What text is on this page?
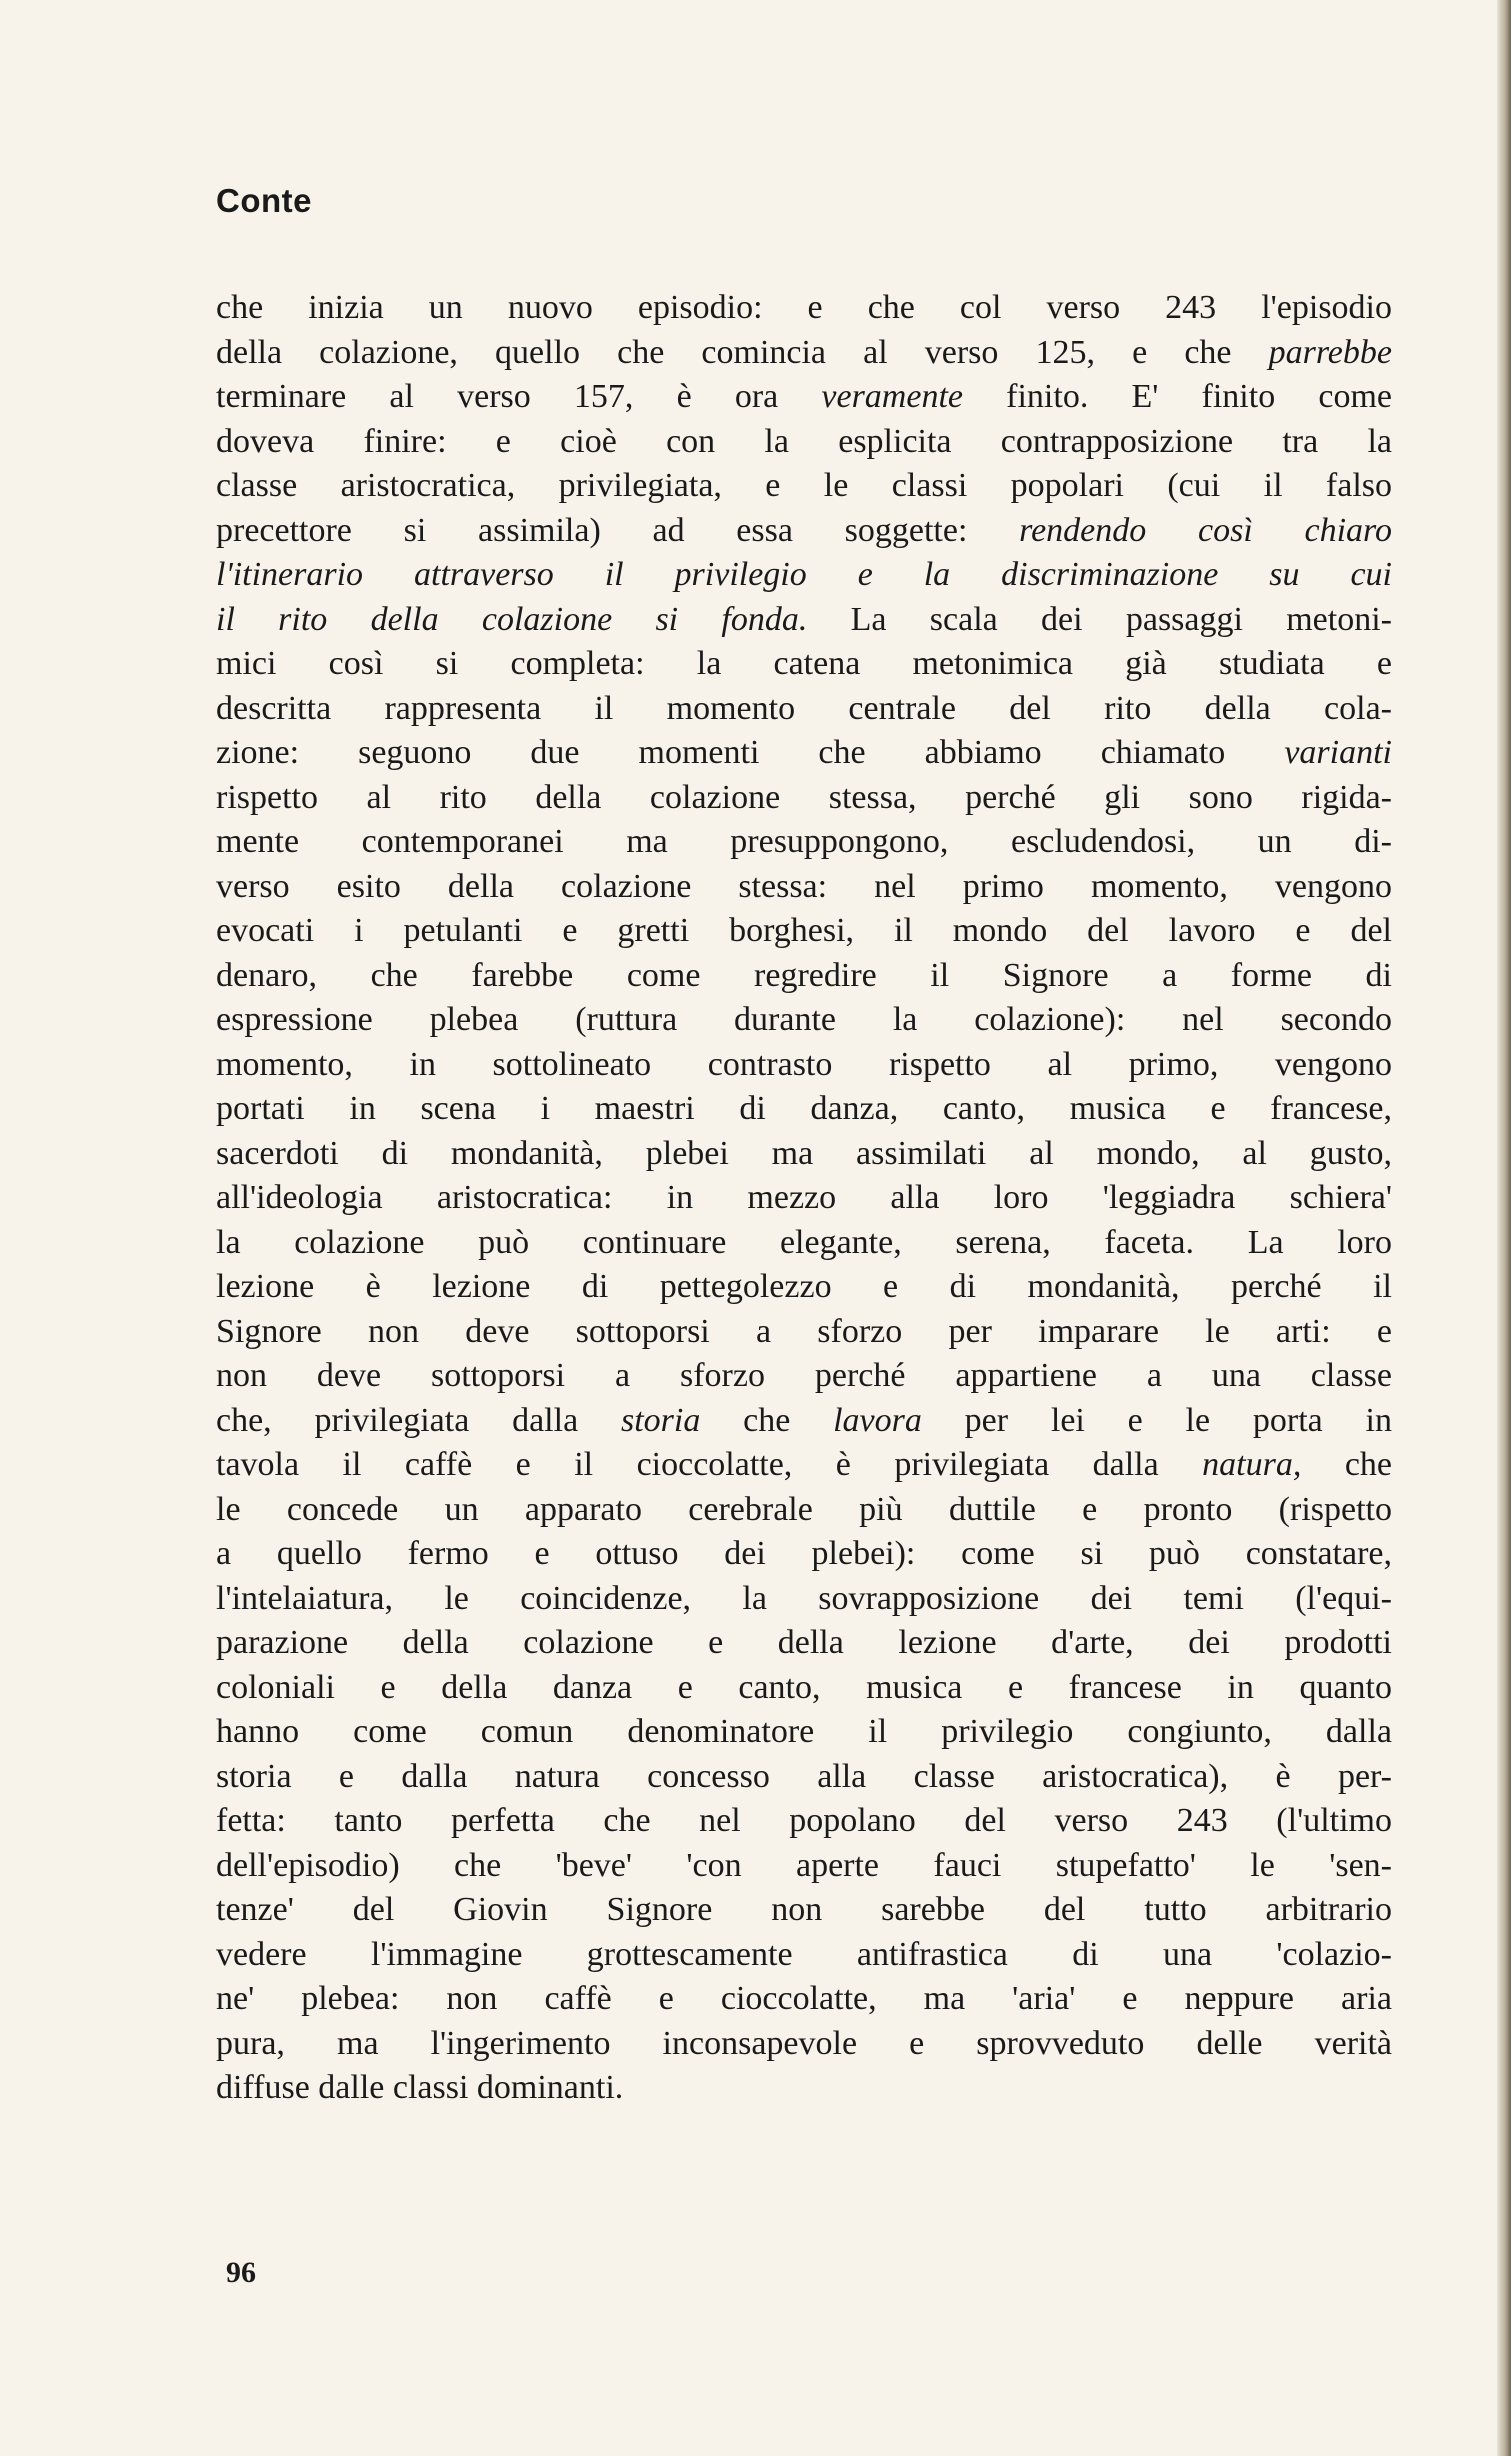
Conte
che inizia un nuovo episodio: e che col verso 243 l'episodio
della colazione, quello che comincia al verso 125, e che parrebbe
terminare al verso 157, è ora veramente finito. E' finito come
doveva finire: e cioè con la esplicita contrapposizione tra la
classe aristocratica, privilegiata, e le classi popolari (cui il falso
precettore si assimila) ad essa soggette: rendendo così chiaro
l'itinerario attraverso il privilegio e la discriminazione su cui
il rito della colazione si fonda. La scala dei passaggi metoni-
mici così si completa: la catena metonimica già studiata e
descritta rappresenta il momento centrale del rito della cola-
zione: seguono due momenti che abbiamo chiamato varianti
rispetto al rito della colazione stessa, perché gli sono rigida-
mente contemporanei ma presuppongono, escludendosi, un di-
verso esito della colazione stessa: nel primo momento, vengono
evocati i petulanti e gretti borghesi, il mondo del lavoro e del
denaro, che farebbe come regredire il Signore a forme di
espressione plebea (ruttura durante la colazione): nel secondo
momento, in sottolineato contrasto rispetto al primo, vengono
portati in scena i maestri di danza, canto, musica e francese,
sacerdoti di mondanità, plebei ma assimilati al mondo, al gusto,
all'ideologia aristocratica: in mezzo alla loro 'leggiadra schiera'
la colazione può continuare elegante, serena, faceta. La loro
lezione è lezione di pettegolezzo e di mondanità, perché il
Signore non deve sottoporsi a sforzo per imparare le arti: e
non deve sottoporsi a sforzo perché appartiene a una classe
che, privilegiata dalla storia che lavora per lei e le porta in
tavola il caffè e il cioccolatte, è privilegiata dalla natura, che
le concede un apparato cerebrale più duttile e pronto (rispetto
a quello fermo e ottuso dei plebei): come si può constatare,
l'intelaiatura, le coincidenze, la sovrapposizione dei temi (l'equi-
parazione della colazione e della lezione d'arte, dei prodotti
coloniali e della danza e canto, musica e francese in quanto
hanno come comun denominatore il privilegio congiunto, dalla
storia e dalla natura concesso alla classe aristocratica), è per-
fetta: tanto perfetta che nel popolano del verso 243 (l'ultimo
dell'episodio) che 'beve' 'con aperte fauci stupefatto' le 'sen-
tenze' del Giovin Signore non sarebbe del tutto arbitrario
vedere l'immagine grottescamente antifrastica di una 'colazio-
ne' plebea: non caffè e cioccolatte, ma 'aria' e neppure aria
pura, ma l'ingerimento inconsapevole e sprovveduto delle verità
diffuse dalle classi dominanti.
96
